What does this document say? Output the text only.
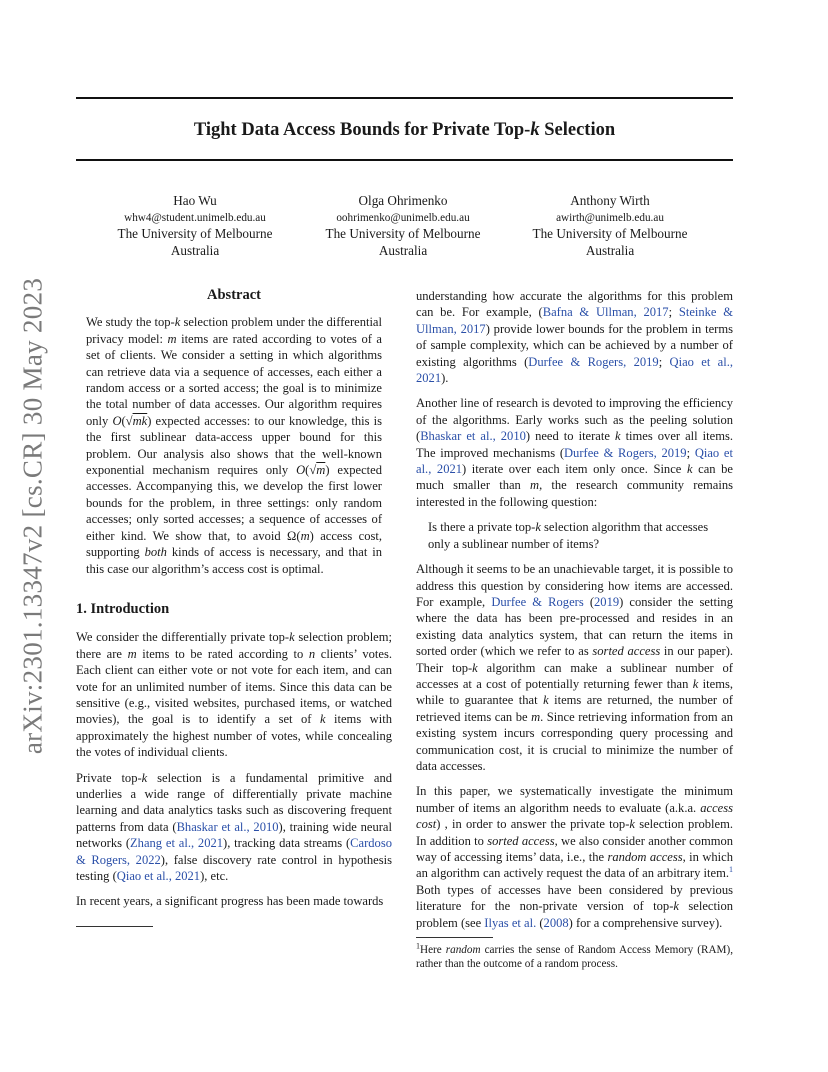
Tight Data Access Bounds for Private Top-k Selection
Hao Wu
whw4@student.unimelb.edu.au
The University of Melbourne
Australia
Olga Ohrimenko
oohrimenko@unimelb.edu.au
The University of Melbourne
Australia
Anthony Wirth
awirth@unimelb.edu.au
The University of Melbourne
Australia
arXiv:2301.13347v2 [cs.CR] 30 May 2023	Abstract

We study the top-k selection problem under the differential privacy model: m items are rated according to votes of a set of clients. We consider a setting in which algorithms can retrieve data via a sequence of accesses, each either a random access or a sorted access; the goal is to minimize the total number of data accesses. Our algorithm requires only O(√mk) expected accesses: to our knowledge, this is the first sublinear data-access upper bound for this problem. Our analysis also shows that the well-known exponential mechanism requires only O(√m) expected accesses. Accompanying this, we develop the first lower bounds for the problem, in three settings: only random accesses; only sorted accesses; a sequence of accesses of either kind. We show that, to avoid Ω(m) access cost, supporting both kinds of access is necessary, and that in this case our algorithm’s access cost is optimal.

1. Introduction

We consider the differentially private top-k selection problem; there are m items to be rated according to n clients’ votes. Each client can either vote or not vote for each item, and can vote for an unlimited number of items. Since this data can be sensitive (e.g., visited websites, purchased items, or watched movies), the goal is to identify a set of k items with approximately the highest number of votes, while concealing the votes of individual clients.

Private top-k selection is a fundamental primitive and underlies a wide range of differentially private machine learning and data analytics tasks such as discovering frequent patterns from data (Bhaskar et al., 2010), training wide neural networks (Zhang et al., 2021), tracking data streams (Cardoso & Rogers, 2022), false discovery rate control in hypothesis testing (Qiao et al., 2021), etc.

In recent years, a significant progress has been made towards

understanding how accurate the algorithms for this problem can be. For example, (Bafna & Ullman, 2017; Steinke & Ullman, 2017) provide lower bounds for the problem in terms of sample complexity, which can be achieved by a number of existing algorithms (Durfee & Rogers, 2019; Qiao et al., 2021).

Another line of research is devoted to improving the efficiency of the algorithms. Early works such as the peeling solution (Bhaskar et al., 2010) need to iterate k times over all items. The improved mechanisms (Durfee & Rogers, 2019; Qiao et al., 2021) iterate over each item only once. Since k can be much smaller than m, the research community remains interested in the following question:

Is there a private top-k selection algorithm that accesses only a sublinear number of items?

Although it seems to be an unachievable target, it is possible to address this question by considering how items are accessed. For example, Durfee & Rogers (2019) consider the setting where the data has been pre-processed and resides in an existing data analytics system, that can return the items in sorted order (which we refer to as sorted access in our paper). Their top-k algorithm can make a sublinear number of accesses at a cost of potentially returning fewer than k items, while to guarantee that k items are returned, the number of retrieved items can be m. Since retrieving information from an existing system incurs corresponding query processing and communication cost, it is crucial to minimize the number of data accesses.

In this paper, we systematically investigate the minimum number of items an algorithm needs to evaluate (a.k.a. access cost) , in order to answer the private top-k selection problem. In addition to sorted access, we also consider another common way of accessing items’ data, i.e., the random access, in which an algorithm can actively request the data of an arbitrary item.$^1$ Both types of accesses have been considered by previous literature for the non-private version of top-k selection problem (see Ilyas et al. (2008) for a comprehensive survey).

$^1$Here random carries the sense of Random Access Memory (RAM), rather than the outcome of a random process.
